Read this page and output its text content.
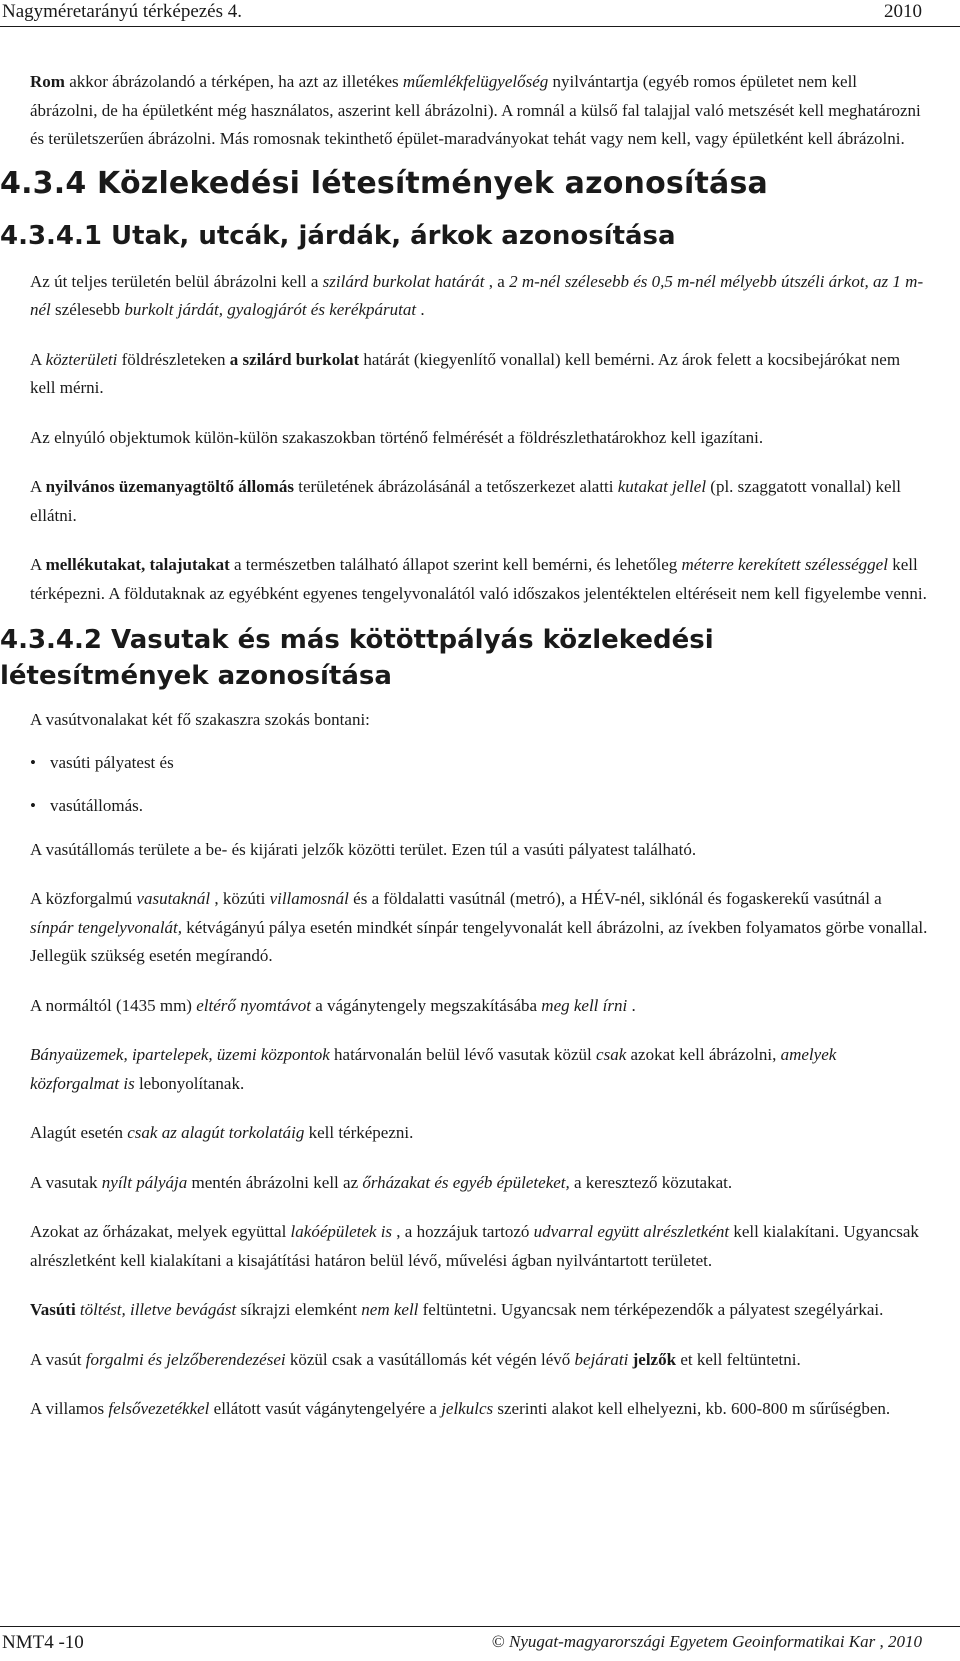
Nagyméretarányú térképezés 4.	2010

Rom akkor ábrázolandó a térképen, ha azt az illetékes műemlékfelügyelőség nyilvántartja (egyéb romos épületet nem kell ábrázolni, de ha épületként még használatos, aszerint kell ábrázolni). A romnál a külső fal talajjal való metszését kell meghatározni és területszerűen ábrázolni. Más romosnak tekinthető épület-maradványokat tehát vagy nem kell, vagy épületként kell ábrázolni.

4.3.4 Közlekedési létesítmények azonosítása
4.3.4.1 Utak, utcák, járdák, árkok azonosítása

Az út teljes területén belül ábrázolni kell a szilárd burkolat határát , a 2 m-nél szélesebb és 0,5 m-nél mélyebb útszéli árkot, az 1 m-nél szélesebb burkolt járdát, gyalogjárót és kerékpárutat .

A közterületi földrészleteken a szilárd burkolat határát (kiegyenlítő vonallal) kell bemérni. Az árok felett a kocsibejárókat nem kell mérni.

Az elnyúló objektumok külön-külön szakaszokban történő felmérését a földrészlethatárokhoz kell igazítani.

A nyilvános üzemanyagtöltő állomás területének ábrázolásánál a tetőszerkezet alatti kutakat jellel (pl. szaggatott vonallal) kell ellátni.

A mellékutakat, talajutakat a természetben található állapot szerint kell bemérni, és lehetőleg méterre kerekített szélességgel kell térképezni. A földutaknak az egyébként egyenes tengelyvonalától való időszakos jelentéktelen eltéréseit nem kell figyelembe venni.

4.3.4.2 Vasutak és más kötöttpályás közlekedési létesítmények azonosítása

A vasútvonalakat két fő szakaszra szokás bontani:

• vasúti pályatest és
• vasútállomás.

A vasútállomás területe a be- és kijárati jelzők közötti terület. Ezen túl a vasúti pályatest található.

A közforgalmú vasutaknál , közúti villamosnál és a földalatti vasútnál (metró), a HÉV-nél, siklónál és fogaskerekű vasútnál a sínpár tengelyvonalát, kétvágányú pálya esetén mindkét sínpár tengelyvonalát kell ábrázolni, az ívekben folyamatos görbe vonallal. Jellegük szükség esetén megírandó.

A normáltól (1435 mm) eltérő nyomtávot a vágánytengely megszakításába meg kell írni .

Bányaüzemek, ipartelepek, üzemi központok határvonalán belül lévő vasutak közül csak azokat kell ábrázolni, amelyek közforgalmat is lebonyolítanak.

Alagút esetén csak az alagút torkolatáig kell térképezni.

A vasutak nyílt pályája mentén ábrázolni kell az őrházakat és egyéb épületeket, a keresztező közutakat.

Azokat az őrházakat, melyek együttal lakóépületek is , a hozzájuk tartozó udvarral együtt alrészletként kell kialakítani. Ugyancsak alrészletként kell kialakítani a kisajátítási határon belül lévő, művelési ágban nyilvántartott területet.

Vasúti töltést, illetve bevágást síkrajzi elemként nem kell feltüntetni. Ugyancsak nem térképezendők a pályatest szegélyárkai.

A vasút forgalmi és jelzőberendezései közül csak a vasútállomás két végén lévő bejárati jelzők et kell feltüntetni.

A villamos felsővezetékkel ellátott vasút vágánytengelyére a jelkulcs szerinti alakot kell elhelyezni, kb. 600-800 m sűrűségben.

NMT4 -10	© Nyugat-magyarországi Egyetem Geoinformatikai Kar , 2010
